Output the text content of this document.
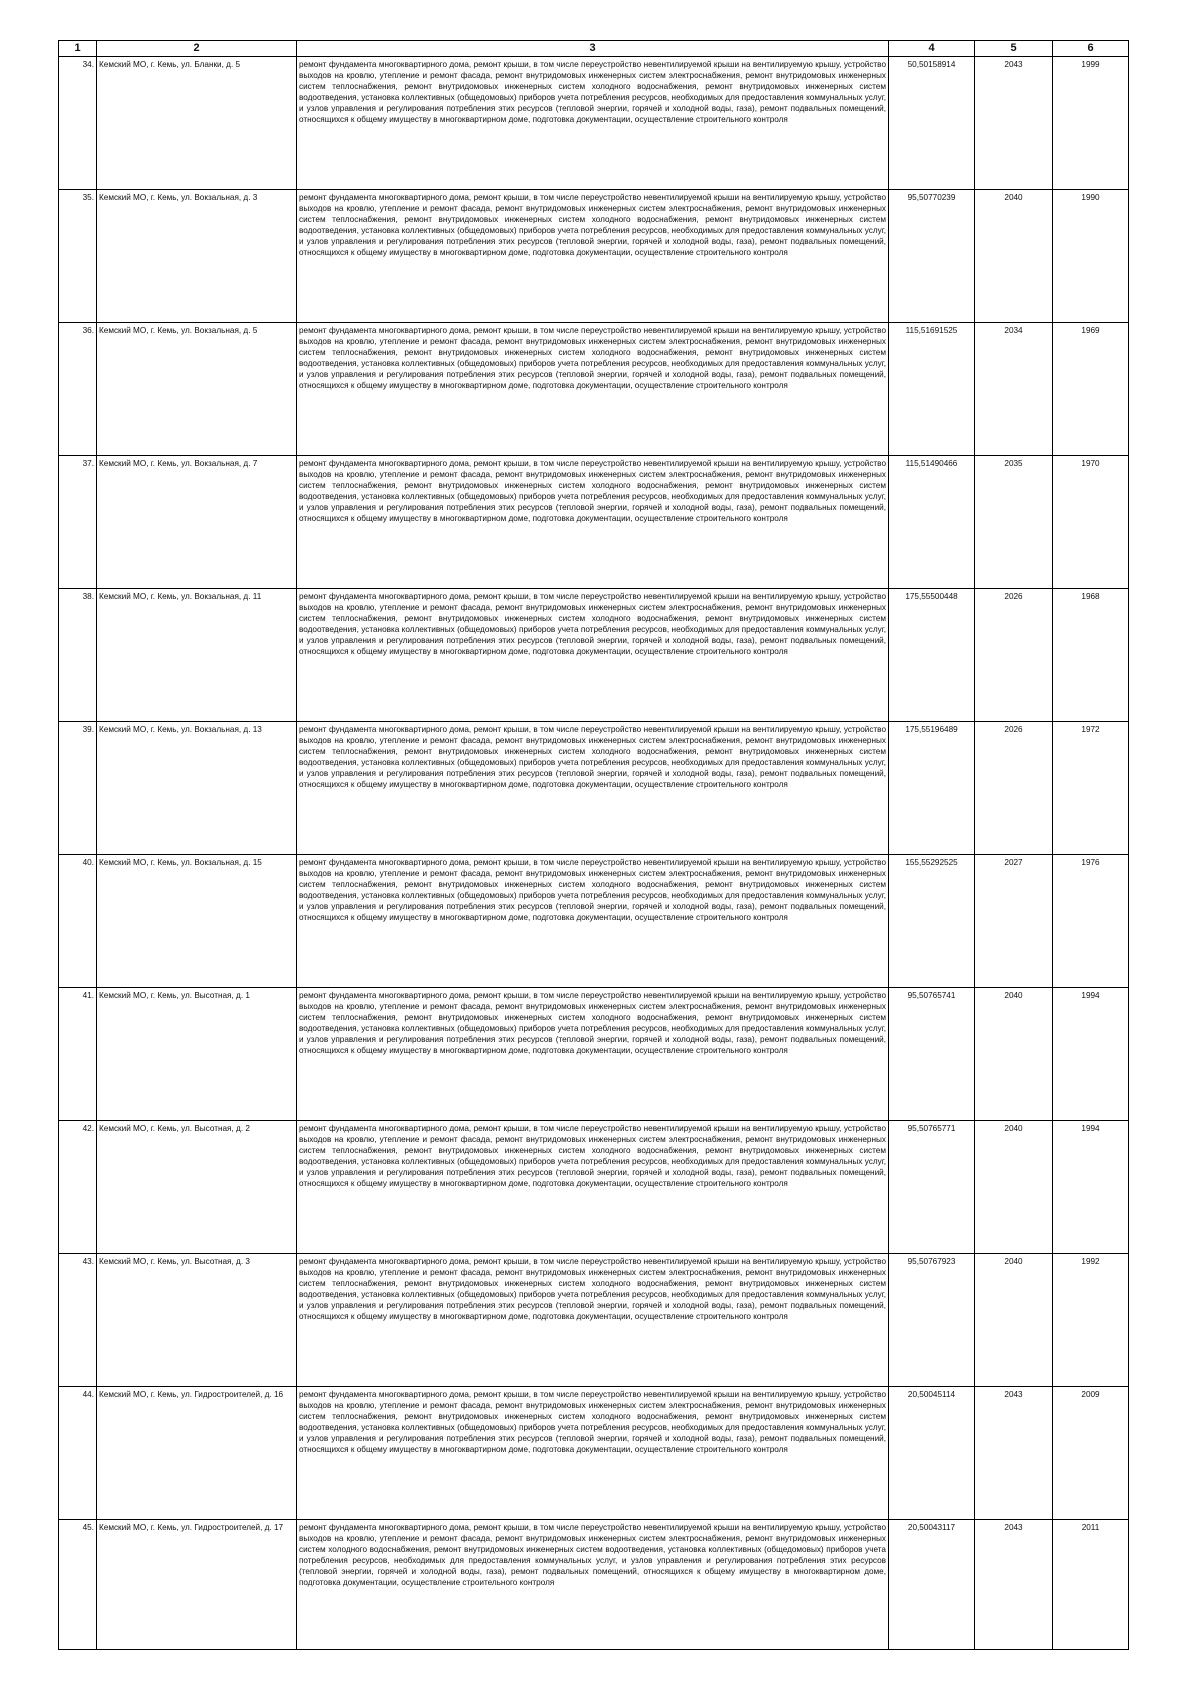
1	2	3	4	5	6
34.	Кемский МО, г. Кемь, ул. Бланки, д. 5	ремонт фундамента многоквартирного дома, ремонт крыши, в том числе переустройство невентилируемой крыши на вентилируемую крышу, устройство выходов на кровлю, утепление и ремонт фасада, ремонт внутридомовых инженерных систем электроснабжения, ремонт внутридомовых инженерных систем теплоснабжения, ремонт внутридомовых инженерных систем холодного водоснабжения, ремонт внутридомовых инженерных систем водоотведения, установка коллективных (общедомовых) приборов учета потребления ресурсов, необходимых для предоставления коммунальных услуг, и узлов управления и регулирования потребления этих ресурсов (тепловой энергии, горячей и холодной воды, газа), ремонт подвальных помещений, относящихся к общему имуществу в многоквартирном доме, подготовка документации, осуществление строительного контроля	50,50158914	2043	1999
35.	Кемский МО, г. Кемь, ул. Вокзальная, д. 3	ремонт фундамента многоквартирного дома, ремонт крыши, в том числе переустройство невентилируемой крыши на вентилируемую крышу, устройство выходов на кровлю, утепление и ремонт фасада, ремонт внутридомовых инженерных систем электроснабжения, ремонт внутридомовых инженерных систем теплоснабжения, ремонт внутридомовых инженерных систем холодного водоснабжения, ремонт внутридомовых инженерных систем водоотведения, установка коллективных (общедомовых) приборов учета потребления ресурсов, необходимых для предоставления коммунальных услуг, и узлов управления и регулирования потребления этих ресурсов (тепловой энергии, горячей и холодной воды, газа), ремонт подвальных помещений, относящихся к общему имуществу в многоквартирном доме, подготовка документации, осуществление строительного контроля	95,50770239	2040	1990
36.	Кемский МО, г. Кемь, ул. Вокзальная, д. 5	ремонт фундамента многоквартирного дома, ремонт крыши, в том числе переустройство невентилируемой крыши на вентилируемую крышу, устройство выходов на кровлю, утепление и ремонт фасада, ремонт внутридомовых инженерных систем электроснабжения, ремонт внутридомовых инженерных систем теплоснабжения, ремонт внутридомовых инженерных систем холодного водоснабжения, ремонт внутридомовых инженерных систем водоотведения, установка коллективных (общедомовых) приборов учета потребления ресурсов, необходимых для предоставления коммунальных услуг, и узлов управления и регулирования потребления этих ресурсов (тепловой энергии, горячей и холодной воды, газа), ремонт подвальных помещений, относящихся к общему имуществу в многоквартирном доме, подготовка документации, осуществление строительного контроля	115,51691525	2034	1969
37.	Кемский МО, г. Кемь, ул. Вокзальная, д. 7	ремонт фундамента многоквартирного дома, ремонт крыши, в том числе переустройство невентилируемой крыши на вентилируемую крышу, устройство выходов на кровлю, утепление и ремонт фасада, ремонт внутридомовых инженерных систем электроснабжения, ремонт внутридомовых инженерных систем теплоснабжения, ремонт внутридомовых инженерных систем холодного водоснабжения, ремонт внутридомовых инженерных систем водоотведения, установка коллективных (общедомовых) приборов учета потребления ресурсов, необходимых для предоставления коммунальных услуг, и узлов управления и регулирования потребления этих ресурсов (тепловой энергии, горячей и холодной воды, газа), ремонт подвальных помещений, относящихся к общему имуществу в многоквартирном доме, подготовка документации, осуществление строительного контроля	115,51490466	2035	1970
38.	Кемский МО, г. Кемь, ул. Вокзальная, д. 11	ремонт фундамента многоквартирного дома, ремонт крыши, в том числе переустройство невентилируемой крыши на вентилируемую крышу, устройство выходов на кровлю, утепление и ремонт фасада, ремонт внутридомовых инженерных систем электроснабжения, ремонт внутридомовых инженерных систем теплоснабжения, ремонт внутридомовых инженерных систем холодного водоснабжения, ремонт внутридомовых инженерных систем водоотведения, установка коллективных (общедомовых) приборов учета потребления ресурсов, необходимых для предоставления коммунальных услуг, и узлов управления и регулирования потребления этих ресурсов (тепловой энергии, горячей и холодной воды, газа), ремонт подвальных помещений, относящихся к общему имуществу в многоквартирном доме, подготовка документации, осуществление строительного контроля	175,55500448	2026	1968
39.	Кемский МО, г. Кемь, ул. Вокзальная, д. 13	ремонт фундамента многоквартирного дома, ремонт крыши, в том числе переустройство невентилируемой крыши на вентилируемую крышу, устройство выходов на кровлю, утепление и ремонт фасада, ремонт внутридомовых инженерных систем электроснабжения, ремонт внутридомовых инженерных систем теплоснабжения, ремонт внутридомовых инженерных систем холодного водоснабжения, ремонт внутридомовых инженерных систем водоотведения, установка коллективных (общедомовых) приборов учета потребления ресурсов, необходимых для предоставления коммунальных услуг, и узлов управления и регулирования потребления этих ресурсов (тепловой энергии, горячей и холодной воды, газа), ремонт подвальных помещений, относящихся к общему имуществу в многоквартирном доме, подготовка документации, осуществление строительного контроля	175,55196489	2026	1972
40.	Кемский МО, г. Кемь, ул. Вокзальная, д. 15	ремонт фундамента многоквартирного дома, ремонт крыши, в том числе переустройство невентилируемой крыши на вентилируемую крышу, устройство выходов на кровлю, утепление и ремонт фасада, ремонт внутридомовых инженерных систем электроснабжения, ремонт внутридомовых инженерных систем теплоснабжения, ремонт внутридомовых инженерных систем холодного водоснабжения, ремонт внутридомовых инженерных систем водоотведения, установка коллективных (общедомовых) приборов учета потребления ресурсов, необходимых для предоставления коммунальных услуг, и узлов управления и регулирования потребления этих ресурсов (тепловой энергии, горячей и холодной воды, газа), ремонт подвальных помещений, относящихся к общему имуществу в многоквартирном доме, подготовка документации, осуществление строительного контроля	155,55292525	2027	1976
41.	Кемский МО, г. Кемь, ул. Высотная, д. 1	ремонт фундамента многоквартирного дома, ремонт крыши, в том числе переустройство невентилируемой крыши на вентилируемую крышу, устройство выходов на кровлю, утепление и ремонт фасада, ремонт внутридомовых инженерных систем электроснабжения, ремонт внутридомовых инженерных систем теплоснабжения, ремонт внутридомовых инженерных систем холодного водоснабжения, ремонт внутридомовых инженерных систем водоотведения, установка коллективных (общедомовых) приборов учета потребления ресурсов, необходимых для предоставления коммунальных услуг, и узлов управления и регулирования потребления этих ресурсов (тепловой энергии, горячей и холодной воды, газа), ремонт подвальных помещений, относящихся к общему имуществу в многоквартирном доме, подготовка документации, осуществление строительного контроля	95,50765741	2040	1994
42.	Кемский МО, г. Кемь, ул. Высотная, д. 2	ремонт фундамента многоквартирного дома, ремонт крыши, в том числе переустройство невентилируемой крыши на вентилируемую крышу, устройство выходов на кровлю, утепление и ремонт фасада, ремонт внутридомовых инженерных систем электроснабжения, ремонт внутридомовых инженерных систем теплоснабжения, ремонт внутридомовых инженерных систем холодного водоснабжения, ремонт внутридомовых инженерных систем водоотведения, установка коллективных (общедомовых) приборов учета потребления ресурсов, необходимых для предоставления коммунальных услуг, и узлов управления и регулирования потребления этих ресурсов (тепловой энергии, горячей и холодной воды, газа), ремонт подвальных помещений, относящихся к общему имуществу в многоквартирном доме, подготовка документации, осуществление строительного контроля	95,50765771	2040	1994
43.	Кемский МО, г. Кемь, ул. Высотная, д. 3	ремонт фундамента многоквартирного дома, ремонт крыши, в том числе переустройство невентилируемой крыши на вентилируемую крышу, устройство выходов на кровлю, утепление и ремонт фасада, ремонт внутридомовых инженерных систем электроснабжения, ремонт внутридомовых инженерных систем теплоснабжения, ремонт внутридомовых инженерных систем холодного водоснабжения, ремонт внутридомовых инженерных систем водоотведения, установка коллективных (общедомовых) приборов учета потребления ресурсов, необходимых для предоставления коммунальных услуг, и узлов управления и регулирования потребления этих ресурсов (тепловой энергии, горячей и холодной воды, газа), ремонт подвальных помещений, относящихся к общему имуществу в многоквартирном доме, подготовка документации, осуществление строительного контроля	95,50767923	2040	1992
44.	Кемский МО, г. Кемь, ул. Гидростроителей, д. 16	ремонт фундамента многоквартирного дома, ремонт крыши, в том числе переустройство невентилируемой крыши на вентилируемую крышу, устройство выходов на кровлю, утепление и ремонт фасада, ремонт внутридомовых инженерных систем электроснабжения, ремонт внутридомовых инженерных систем теплоснабжения, ремонт внутридомовых инженерных систем холодного водоснабжения, ремонт внутридомовых инженерных систем водоотведения, установка коллективных (общедомовых) приборов учета потребления ресурсов, необходимых для предоставления коммунальных услуг, и узлов управления и регулирования потребления этих ресурсов (тепловой энергии, горячей и холодной воды, газа), ремонт подвальных помещений, относящихся к общему имуществу в многоквартирном доме, подготовка документации, осуществление строительного контроля	20,50045114	2043	2009
45.	Кемский МО, г. Кемь, ул. Гидростроителей, д. 17	ремонт фундамента многоквартирного дома, ремонт крыши, в том числе переустройство невентилируемой крыши на вентилируемую крышу, устройство выходов на кровлю, утепление и ремонт фасада, ремонт внутридомовых инженерных систем электроснабжения, ремонт внутридомовых инженерных систем холодного водоснабжения, ремонт внутридомовых инженерных систем водоотведения, установка коллективных (общедомовых) приборов учета потребления ресурсов, необходимых для предоставления коммунальных услуг, и узлов управления и регулирования потребления этих ресурсов (тепловой энергии, горячей и холодной воды, газа), ремонт подвальных помещений, относящихся к общему имуществу в многоквартирном доме, подготовка документации, осуществление строительного контроля	20,50043117	2043	2011
